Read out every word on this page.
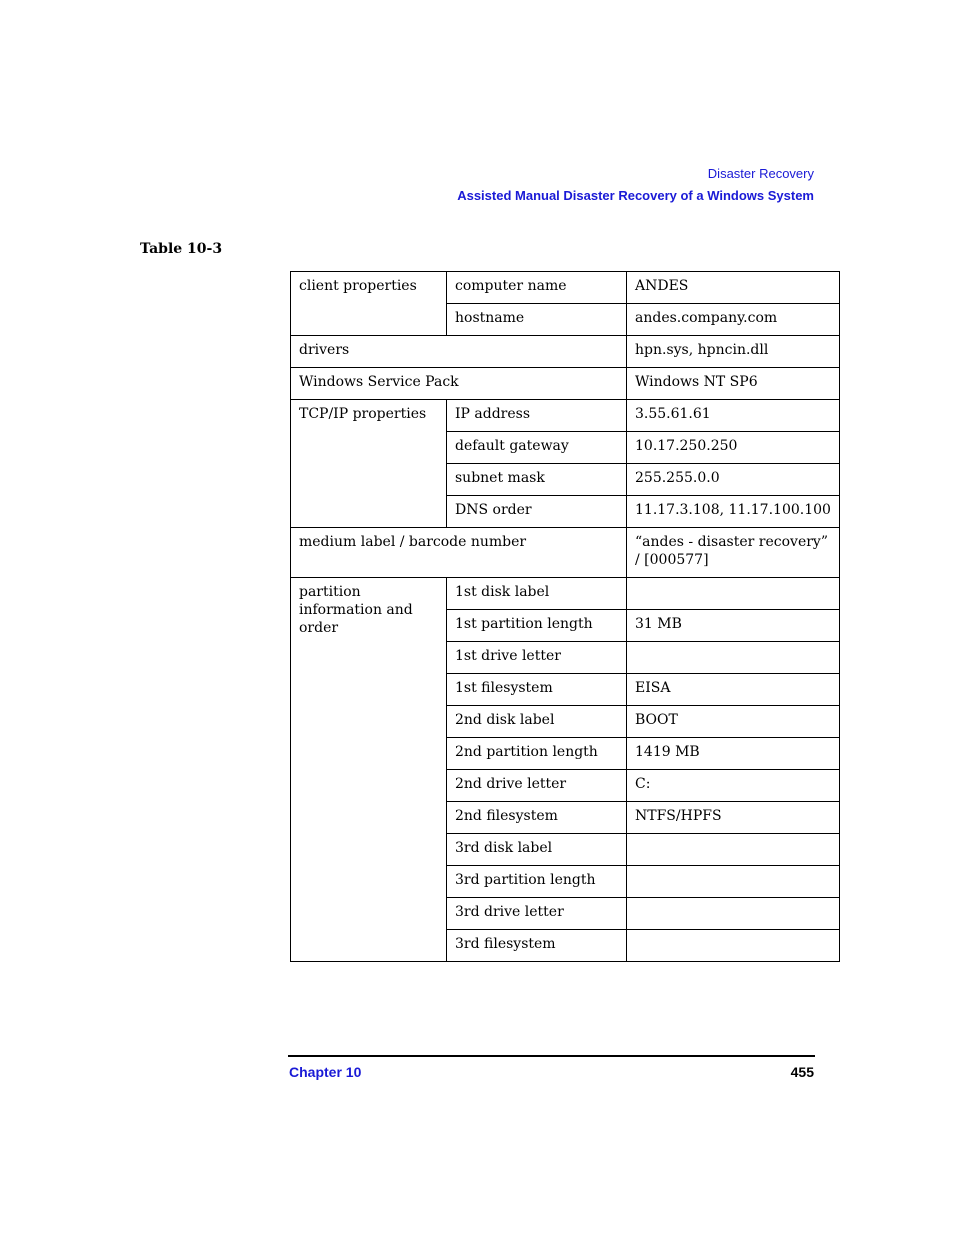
Disaster Recovery
Assisted Manual Disaster Recovery of a Windows System
Table 10-3
client properties	computer name	ANDES
	hostname	andes.company.com
drivers		hpn.sys, hpncin.dll
Windows Service Pack		Windows NT SP6
TCP/IP properties	IP address	3.55.61.61
	default gateway	10.17.250.250
	subnet mask	255.255.0.0
	DNS order	11.17.3.108, 11.17.100.100
medium label / barcode number		“andes - disaster recovery” / [000577]
partition information and order	1st disk label	
	1st partition length	31 MB
	1st drive letter	
	1st filesystem	EISA
	2nd disk label	BOOT
	2nd partition length	1419 MB
	2nd drive letter	C:
	2nd filesystem	NTFS/HPFS
	3rd disk label	
	3rd partition length	
	3rd drive letter	
	3rd filesystem	
Chapter 10	455
